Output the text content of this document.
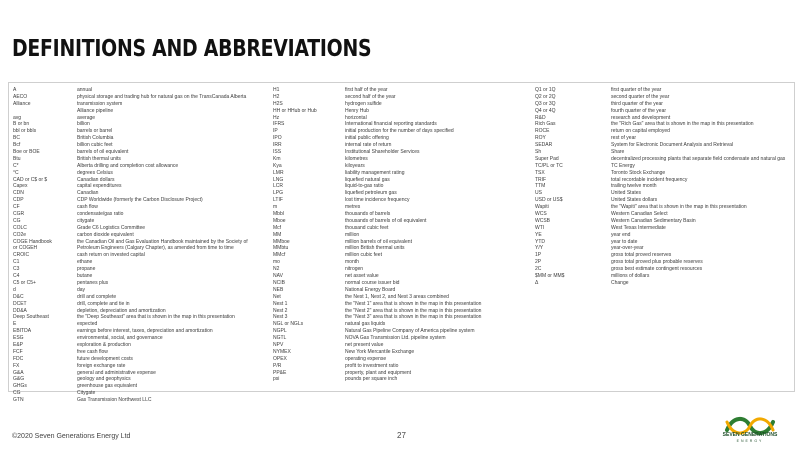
DEFINITIONS AND ABBREVIATIONS
A	annual
AECO	physical storage and trading hub for natural gas on the TransCanada Alberta
Alliance	transmission system
Alliance pipeline
avg	average
B or bn	billion
bbl or bbls	barrels or barrel
BC	British Columbia
Bcf	billion cubic feet
Boe or BOE	barrels of oil equivalent
Btu	British thermal units
C*	Alberta drilling and completion cost allowance
°C	degrees Celsius
CAD or C$ or $	Canadian dollars
Capex	capital expenditures
CDN	Canadian
CDP	CDP Worldwide (formerly the Carbon Disclosure Project)
CF	cash flow
CGR	condensate/gas ratio
CG	citygate
COLC	Grade C6 Logistics Committee
CO2e	carbon dioxide equivalent
COGE Handbook	the Canadian Oil and Gas Evaluation Handbook maintained by the Society of
or COGEH	Petroleum Engineers (Calgary Chapter), as amended from time to time
CROIC	cash return on invested capital
C1	ethane
C3	propane
C4	butane
C5 or C5+	pentanes plus
d	day
D&C	drill and complete
DCET	drill, complete and tie in
DD&A	depletion, depreciation and amortization
Deep Southeast	the "Deep Southeast" area that is shown in the map in this presentation
E	expected
EBITDA	earnings before interest, taxes, depreciation and amortization
ESG	environmental, social, and governance
E&P	exploration & production
FCF	free cash flow
FDC	future development costs
FX	foreign exchange rate
G&A	general and administrative expense
G&G	geology and geophysics
GHGs	greenhouse gas equivalent
CG	Citygate
GTN	Gas Transmission Northwest LLC
H1	first half of the year
H2	second half of the year
H2S	hydrogen sulfide
HH or HHub or Hub	Henry Hub
Hz	horizontal
IFRS	International financial reporting standards
IP	initial production for the number of days specified
IPO	initial public offering
IRR	internal rate of return
ISS	Institutional Shareholder Services
Km	kilometres
Kya	kiloyears
LMR	liability management rating
LNG	liquefied natural gas
LCR	liquid-to-gas ratio
LPG	liquefied petroleum gas
LTIF	lost time incidence frequency
m	metres
Mbbl	thousands of barrels
Mboe	thousands of barrels of oil equivalent
Mcf	thousand cubic feet
MM	million
MMboe	million barrels of oil equivalent
MMbtu	million British thermal units
MMcf	million cubic feet
mo	month
N2	nitrogen
NAV	net asset value
NCIB	normal course issuer bid
NEB	National Energy Board
Net	the Nest 1, Nest 2, and Nest 3 areas combined
Nest 1	the "Nest 1" area that is shown in the map in this presentation
Nest 2	the "Nest 2" area that is shown in the map in this presentation
Nest 3	the "Nest 3" area that is shown in the map in this presentation
NGL or NGLs	natural gas liquids
NGPL	Natural Gas Pipeline Company of America pipeline system
NGTL	NOVA Gas Transmission Ltd. pipeline system
NPV	net present value
NYMEX	New York Mercantile Exchange
OPEX	operating expense
P/R	profit to investment ratio
PP&E	property, plant and equipment
psi	pounds per square inch
Q1 or 1Q	first quarter of the year
Q2 or 2Q	second quarter of the year
Q3 or 3Q	third quarter of the year
Q4 or 4Q	fourth quarter of the year
R&D	research and development
Rich Gas	the "Rich Gas" area that is shown in the map in this presentation
ROCE	return on capital employed
ROY	rest of year
SEDAR	System for Electronic Document Analysis and Retrieval
Sh	Share
Super Pad	decentralized processing plants that separate field condensate and natural gas
TC/PL or TC	TC Energy
TSX	Toronto Stock Exchange
TRIF	total recordable incident frequency
TTM	trailing twelve month
US	United States
USD or US$	United States dollars
Wapiti	the "Wapiti" area that is shown in the map in this presentation
WCS	Western Canadian Select
WCSB	Western Canadian Sedimentary Basin
WTI	West Texas Intermediate
YE	year end
YTD	year to date
Y/Y	year-over-year
1P	gross total proved reserves
2P	gross total proved plus probable reserves
2C	gross best estimate contingent resources
$MM or MM$	millions of dollars
Δ	Change
©2020 Seven Generations Energy Ltd	27	SEVEN GENERATIONS
ENERGY
